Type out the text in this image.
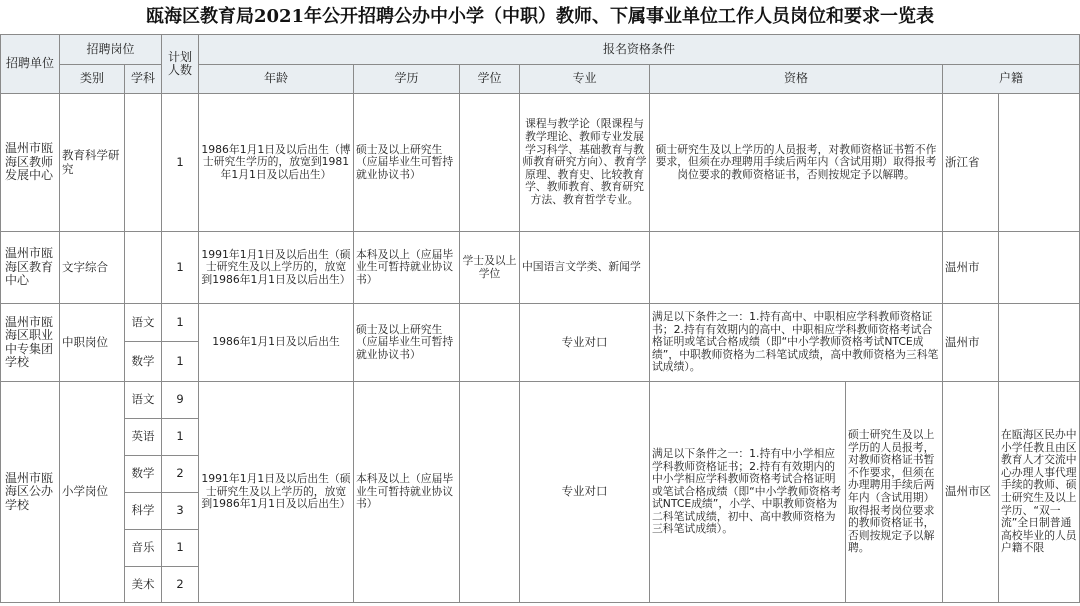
瓯海区教育局2021年公开招聘公办中小学（中职）教师、下属事业单位工作人员岗位和要求一览表
招聘单位	招聘岗位		计划人数	报名资格条件							
	类别	学科		年龄	学历	学位	专业	资格		户籍	
温州市瓯海区教师发展中心	教育科学研究		1	1986年1月1日及以后出生（博士研究生学历的，放宽到1981年1月1日及以后出生）	硕士及以上研究生（应届毕业生可暂持就业协议书）		课程与教学论（限课程与教学理论、教师专业发展学习科学、基础教育与教师教育研究方向）、教育学原理、教育史、比较教育学、教师教育、教育研究方法、教育哲学专业。	硕士研究生及以上学历的人员报考，对教师资格证书暂不作要求，但须在办理聘用手续后两年内（含试用期）取得报考岗位要求的教师资格证书，否则按规定予以解聘。		浙江省	
温州市瓯海区教育中心	文字综合		1	1991年1月1日及以后出生（硕士研究生及以上学历的，放宽到1986年1月1日及以后出生）	本科及以上（应届毕业生可暂持就业协议书）	学士及以上学位	中国语言文学类、新闻学			温州市	
温州市瓯海区职业中专集团学校	中职岗位	语文	1	1986年1月1日及以后出生	硕士及以上研究生（应届毕业生可暂持就业协议书）		专业对口	满足以下条件之一：1.持有高中、中职相应学科教师资格证书；2.持有有效期内的高中、中职相应学科教师资格考试合格证明或笔试合格成绩（即“中小学教师资格考试NTCE成绩”，中职教师资格为二科笔试成绩，高中教师资格为三科笔试成绩）。		温州市	
		数学	1								
温州市瓯海区公办学校	小学岗位	语文	9	1991年1月1日及以后出生（硕士研究生及以上学历的，放宽到1986年1月1日及以后出生）	本科及以上（应届毕业生可暂持就业协议书）		专业对口	满足以下条件之一：1.持有中小学相应学科教师资格证书；2.持有有效期内的中小学相应学科教师资格考试合格证明或笔试合格成绩（即“中小学教师资格考试NTCE成绩”，小学、中职教师资格为二科笔试成绩，初中、高中教师资格为三科笔试成绩）。	硕士研究生及以上学历的人员报考，对教师资格证书暂不作要求，但须在办理聘用手续后两年内（含试用期）取得报考岗位要求的教师资格证书，否则按规定予以解聘。	温州市区	在瓯海区民办中小学任教且由区教育人才交流中心办理人事代理手续的教师、硕士研究生及以上学历、“双一流”全日制普通高校毕业的人员户籍不限
		英语	1								
		数学	2								
		科学	3								
		音乐	1								
		美术	2								
